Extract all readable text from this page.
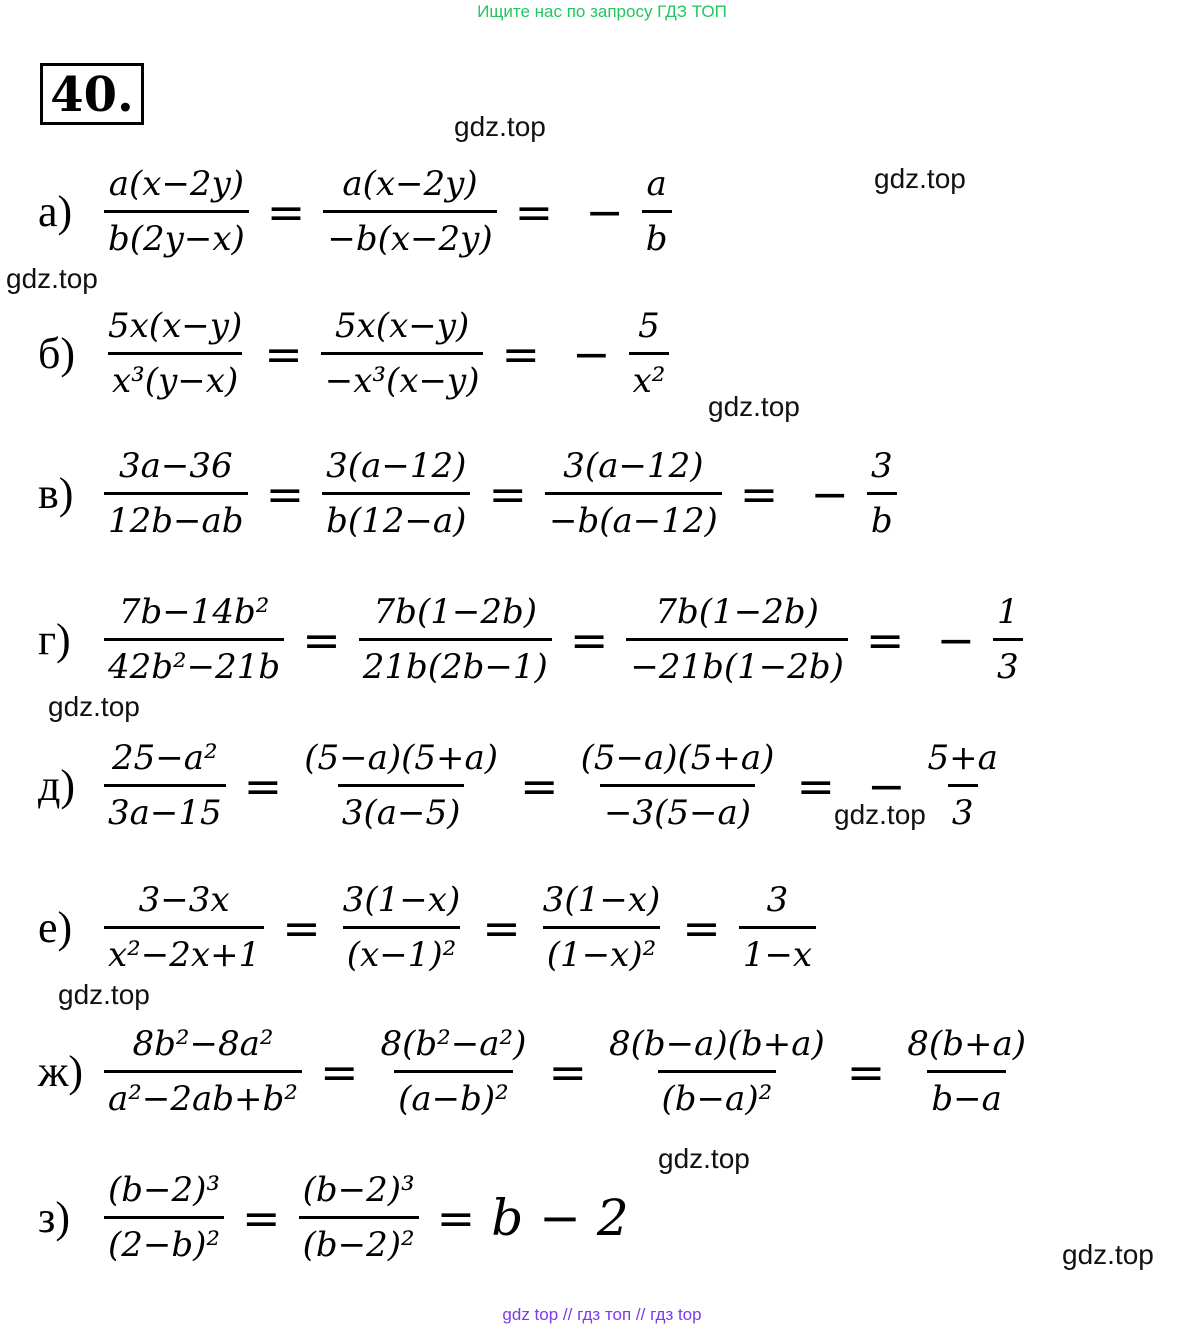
Ищите нас по запросу ГДЗ ТОП
40.
gdz.top
gdz.top
gdz.top
gdz.top
gdz.top
gdz.top
gdz.top
gdz.top
gdz.top
$а) \frac{a(x-2y)}{b(2y-x)} = \frac{a(x-2y)}{-b(x-2y)}$ = − $\frac{a}{b}$
$б) \frac{5x(x-y)}{\text{x³(y−x)}} = \frac{5x(x-y)}{\text{−x³(x−y)}}$ = − $\frac{5}{\text{x²}}$
$в) \frac{3a-36}{12b-ab} = \frac{3(a-12)}{b(12-a)} = \frac{3(a-12)}{-b(a-12)}$ = − $\frac{3}{b}$
$г) \frac{\text{7b−14b²}}{\text{42b²−21b}} = \frac{7b(1-2b)}{21b(2b-1)} = \frac{7b(1-2b)}{-21b(1-2b)}$ = − $\frac{1}{3}$
$д) \frac{\text{25−a²}}{3a-15} = \frac{(5-a)(5+a)}{3(a-5)} = \frac{(5-a)(5+a)}{-3(5-a)}$ = − $\frac{5+a}{3}$
$е) \frac{3-3x}{\text{x²−2x+1}} = \frac{3(1-x)}{\text{(x−1)²}} = \frac{3(1-x)}{\text{(1−x)²}} = \frac{3}{1-x}$
$ж) \frac{\text{8b²−8a²}}{\text{a²−2ab+b²}} = \frac{\text{8(b²−a²)}}{\text{(a−b)²}} = \frac{8(b-a)(b+a)}{\text{(b−a)²}} = \frac{8(b+a)}{b-a}$
$з) \frac{\text{(b−2)³}}{\text{(2−b)²}} = \frac{\text{(b−2)³}}{\text{(b−2)²}} = b - 2$
gdz top // гдз топ // гдз top
